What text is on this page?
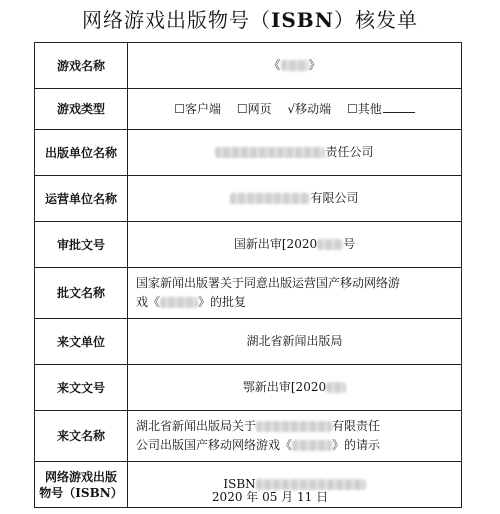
网络游戏出版物号（ISBN）核发单
游戏名称	《 》
游戏类型	☐客户端 ☐网页 √移动端 ☐其他
出版单位名称	责任公司
运营单位名称	有限公司
审批文号	国新出审[2020 号
批文名称	国家新闻出版署关于同意出版运营国产移动网络游
戏《 》的批复

来文单位	湖北省新闻出版局
来文文号	鄂新出审[2020
来文名称	湖北省新闻出版局关于 有限责任
公司出版国产移动网络游戏《 》的请示

网络游戏出版
物号（ISBN）	ISBN
2020 年 05 月 11 日
